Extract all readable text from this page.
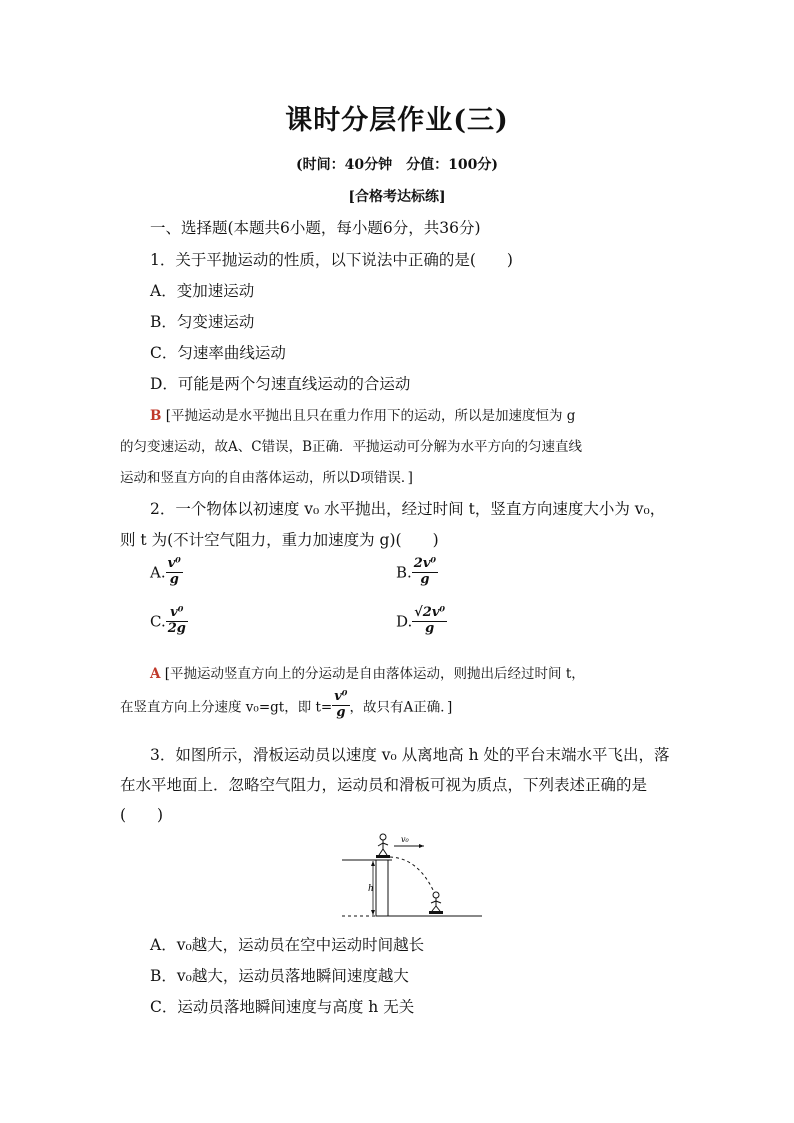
课时分层作业(三)
(时间：40分钟　分值：100分)
[合格考达标练]
一、选择题(本题共6小题，每小题6分，共36分)
1．关于平抛运动的性质，以下说法中正确的是(　　)
A．变加速运动
B．匀变速运动
C．匀速率曲线运动
D．可能是两个匀速直线运动的合运动
B [平抛运动是水平抛出且只在重力作用下的运动，所以是加速度恒为 g
的匀变速运动，故A、C错误，B正确．平抛运动可分解为水平方向的匀速直线
运动和竖直方向的自由落体运动，所以D项错误．]
2．一个物体以初速度 v₀ 水平抛出，经过时间 t，竖直方向速度大小为 v₀，
则 t 为(不计空气阻力，重力加速度为 g)(　　)
A. $\frac{\text{v⁰}}{g}$	B. $\frac{\text{2v⁰}}{g}$
C. $\frac{\text{v⁰}}{2g}$	D. $\frac{\text{√2v⁰}}{g}$
A [平抛运动竖直方向上的分运动是自由落体运动，则抛出后经过时间 t，
在竖直方向上分速度 v₀=gt，即 $t= \frac{\text{v⁰}}{g}$ ，故只有A正确．]
3．如图所示，滑板运动员以速度 v₀ 从离地高 h 处的平台末端水平飞出，落
在水平地面上．忽略空气阻力，运动员和滑板可视为质点，下列表述正确的是
(　　)
h
v₀
A．v₀越大，运动员在空中运动时间越长
B．v₀越大，运动员落地瞬间速度越大
C．运动员落地瞬间速度与高度 h 无关
